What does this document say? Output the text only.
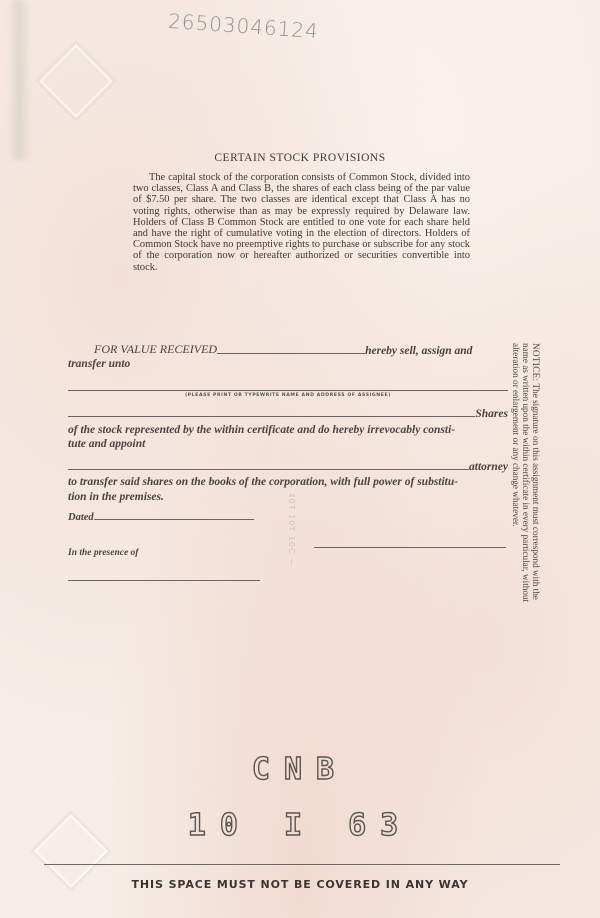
26503046124
CERTAIN STOCK PROVISIONS
The capital stock of the corporation consists of Common Stock, divided into two classes, Class A and Class B, the shares of each class being of the par value of $7.50 per share. The two classes are identical except that Class A has no voting rights, otherwise than as may be expressly required by Delaware law. Holders of Class B Common Stock are entitled to one vote for each share held and have the right of cumulative voting in the election of directors. Holders of Common Stock have no preemptive rights to purchase or subscribe for any stock of the corporation now or hereafter authorized or securities convertible into stock.
FOR VALUE RECEIVED	hereby sell, assign and
transfer unto
(PLEASE PRINT OR TYPEWRITE NAME AND ADDRESS OF ASSIGNEE)
Shares
of the stock represented by the within certificate and do hereby irrevocably consti-
tute and appoint
attorney
to transfer said shares on the books of the corporation, with full power of substitu-
tion in the premises.
Dated
In the presence of	— 40T 10T 10C —
NOTICE: The signature on this assignment must correspond with the name as written upon the within certificate in every particular, without alteration or enlargement or any change whatever.
CNB
10 I 63
THIS SPACE MUST NOT BE COVERED IN ANY WAY
